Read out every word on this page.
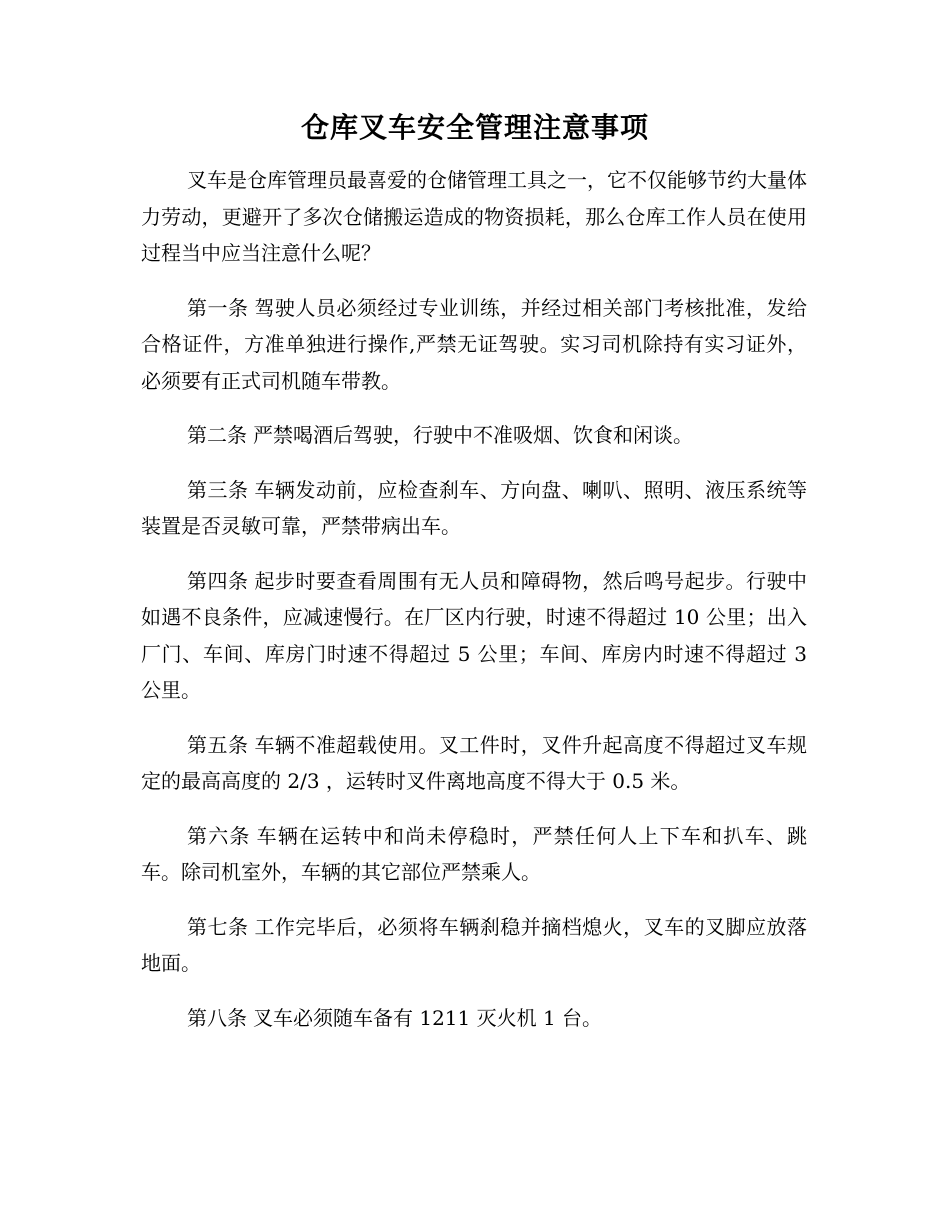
仓库叉车安全管理注意事项

叉车是仓库管理员最喜爱的仓储管理工具之一，它不仅能够节约大量体力劳动，更避开了多次仓储搬运造成的物资损耗，那么仓库工作人员在使用过程当中应当注意什么呢？

第一条 驾驶人员必须经过专业训练，并经过相关部门考核批准，发给合格证件，方准单独进行操作,严禁无证驾驶。实习司机除持有实习证外，必须要有正式司机随车带教。

第二条 严禁喝酒后驾驶，行驶中不准吸烟、饮食和闲谈。

第三条 车辆发动前，应检查刹车、方向盘、喇叭、照明、液压系统等装置是否灵敏可靠，严禁带病出车。

第四条 起步时要查看周围有无人员和障碍物，然后鸣号起步。行驶中如遇不良条件，应减速慢行。在厂区内行驶，时速不得超过 10 公里；出入厂门、车间、库房门时速不得超过 5 公里；车间、库房内时速不得超过 3 公里。

第五条 车辆不准超载使用。叉工件时，叉件升起高度不得超过叉车规定的最高高度的 2/3 ，运转时叉件离地高度不得大于 0.5 米。

第六条 车辆在运转中和尚未停稳时，严禁任何人上下车和扒车、跳车。除司机室外，车辆的其它部位严禁乘人。

第七条 工作完毕后，必须将车辆刹稳并摘档熄火，叉车的叉脚应放落地面。

第八条 叉车必须随车备有 1211 灭火机 1 台。
